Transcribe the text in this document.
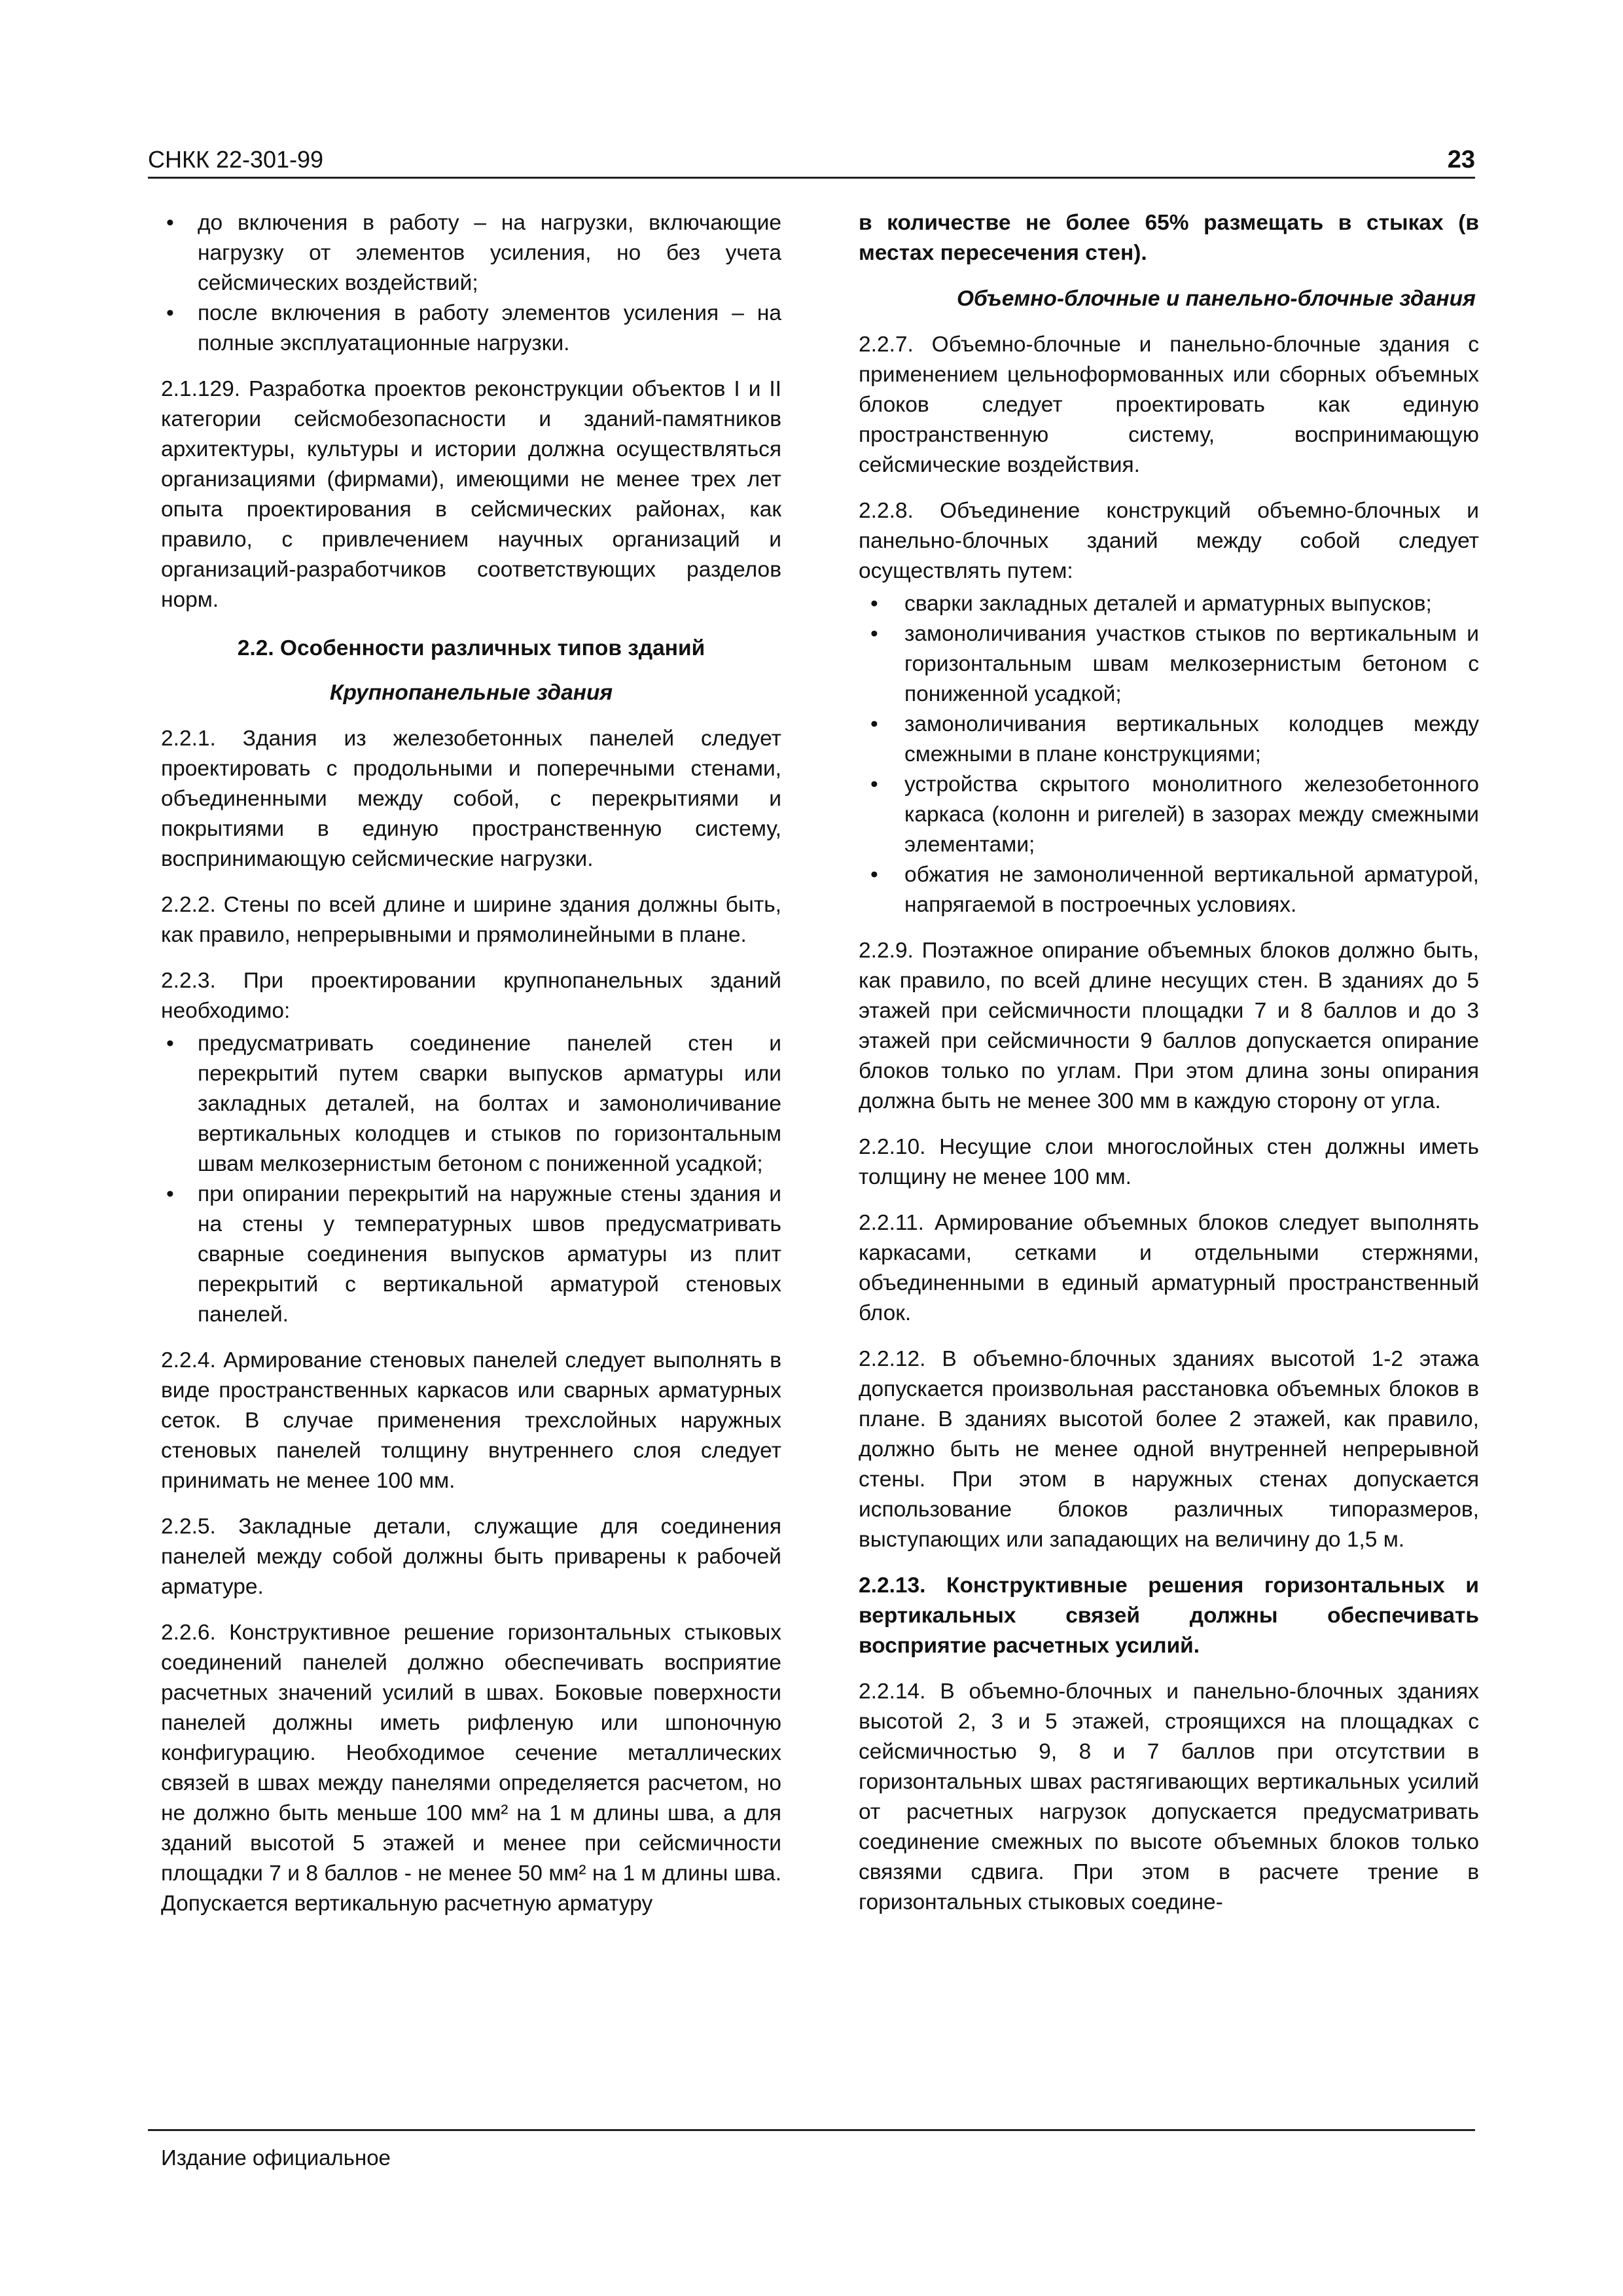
СНКК 22-301-99	23
• до включения в работу – на нагрузки, включающие нагрузку от элементов усиления, но без учета сейсмических воздействий;
• после включения в работу элементов усиления – на полные эксплуатационные нагрузки.

2.1.129. Разработка проектов реконструкции объектов I и II категории сейсмобезопасности и зданий-памятников архитектуры, культуры и истории должна осуществляться организациями (фирмами), имеющими не менее трех лет опыта проектирования в сейсмических районах, как правило, с привлечением научных организаций и организаций-разработчиков соответствующих разделов норм.

2.2. Особенности различных типов зданий
Крупнопанельные здания

2.2.1. Здания из железобетонных панелей следует проектировать с продольными и поперечными стенами, объединенными между собой, с перекрытиями и покрытиями в единую пространственную систему, воспринимающую сейсмические нагрузки.

2.2.2. Стены по всей длине и ширине здания должны быть, как правило, непрерывными и прямолинейными в плане.

2.2.3. При проектировании крупнопанельных зданий необходимо:

• предусматривать соединение панелей стен и перекрытий путем сварки выпусков арматуры или закладных деталей, на болтах и замоноличивание вертикальных колодцев и стыков по горизонтальным швам мелкозернистым бетоном с пониженной усадкой;
• при опирании перекрытий на наружные стены здания и на стены у температурных швов предусматривать сварные соединения выпусков арматуры из плит перекрытий с вертикальной арматурой стеновых панелей.

2.2.4. Армирование стеновых панелей следует выполнять в виде пространственных каркасов или сварных арматурных сеток. В случае применения трехслойных наружных стеновых панелей толщину внутреннего слоя следует принимать не менее 100 мм.

2.2.5. Закладные детали, служащие для соединения панелей между собой должны быть приварены к рабочей арматуре.

2.2.6. Конструктивное решение горизонтальных стыковых соединений панелей должно обеспечивать восприятие расчетных значений усилий в швах. Боковые поверхности панелей должны иметь рифленую или шпоночную конфигурацию. Необходимое сечение металлических связей в швах между панелями определяется расчетом, но не должно быть меньше 100 мм² на 1 м длины шва, а для зданий высотой 5 этажей и менее при сейсмичности площадки 7 и 8 баллов - не менее 50 мм² на 1 м длины шва. Допускается вертикальную расчетную арматуру

в количестве не более 65% размещать в стыках (в местах пересечения стен).

Объемно-блочные и панельно-блочные здания

2.2.7. Объемно-блочные и панельно-блочные здания с применением цельноформованных или сборных объемных блоков следует проектировать как единую пространственную систему, воспринимающую сейсмические воздействия.

2.2.8. Объединение конструкций объемно-блочных и панельно-блочных зданий между собой следует осуществлять путем:

• сварки закладных деталей и арматурных выпусков;
• замоноличивания участков стыков по вертикальным и горизонтальным швам мелкозернистым бетоном с пониженной усадкой;
• замоноличивания вертикальных колодцев между смежными в плане конструкциями;
• устройства скрытого монолитного железобетонного каркаса (колонн и ригелей) в зазорах между смежными элементами;
• обжатия не замоноличенной вертикальной арматурой, напрягаемой в построечных условиях.

2.2.9. Поэтажное опирание объемных блоков должно быть, как правило, по всей длине несущих стен. В зданиях до 5 этажей при сейсмичности площадки 7 и 8 баллов и до 3 этажей при сейсмичности 9 баллов допускается опирание блоков только по углам. При этом длина зоны опирания должна быть не менее 300 мм в каждую сторону от угла.

2.2.10. Несущие слои многослойных стен должны иметь толщину не менее 100 мм.

2.2.11. Армирование объемных блоков следует выполнять каркасами, сетками и отдельными стержнями, объединенными в единый арматурный пространственный блок.

2.2.12. В объемно-блочных зданиях высотой 1-2 этажа допускается произвольная расстановка объемных блоков в плане. В зданиях высотой более 2 этажей, как правило, должно быть не менее одной внутренней непрерывной стены. При этом в наружных стенах допускается использование блоков различных типоразмеров, выступающих или западающих на величину до 1,5 м.

2.2.13. Конструктивные решения горизонтальных и вертикальных связей должны обеспечивать восприятие расчетных усилий.

2.2.14. В объемно-блочных и панельно-блочных зданиях высотой 2, 3 и 5 этажей, строящихся на площадках с сейсмичностью 9, 8 и 7 баллов при отсутствии в горизонтальных швах растягивающих вертикальных усилий от расчетных нагрузок допускается предусматривать соединение смежных по высоте объемных блоков только связями сдвига. При этом в расчете трение в горизонтальных стыковых соедине-

Издание официальное
